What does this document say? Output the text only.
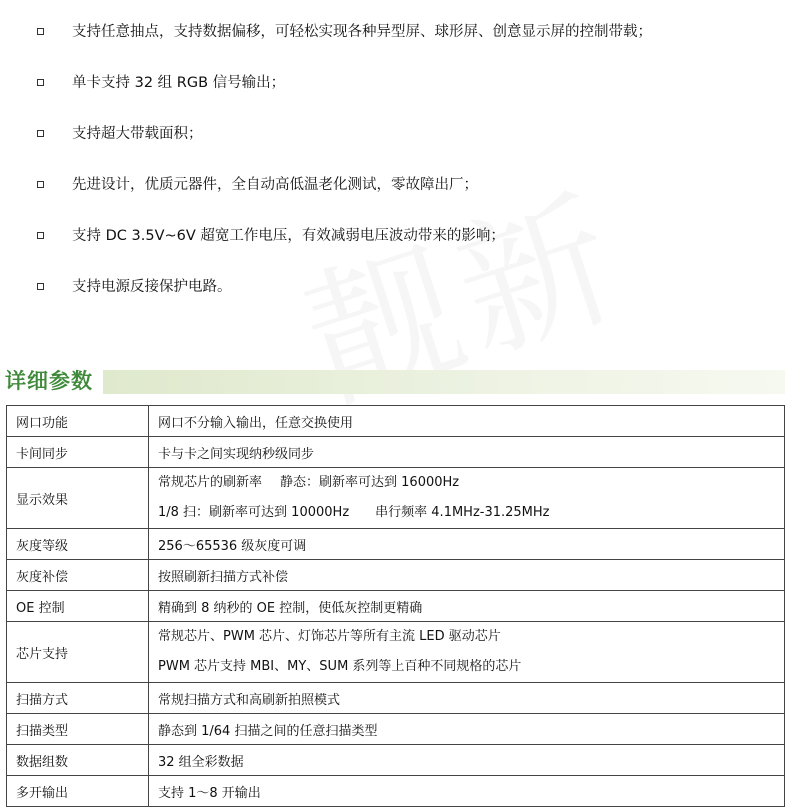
支持任意抽点，支持数据偏移，可轻松实现各种异型屏、球形屏、创意显示屏的控制带载；
单卡支持 32 组 RGB 信号输出；
支持超大带载面积；
先进设计，优质元器件，全自动高低温老化测试，零故障出厂；
支持 DC 3.5V~6V 超宽工作电压，有效减弱电压波动带来的影响；
支持电源反接保护电路。
详细参数
网口功能	网口不分输入输出，任意交换使用
卡间同步	卡与卡之间实现纳秒级同步
显示效果	常规芯片的刷新率 静态：刷新率可达到 16000Hz
1/8 扫：刷新率可达到 10000Hz 串行频率 4.1MHz-31.25MHz

灰度等级	256～65536 级灰度可调
灰度补偿	按照刷新扫描方式补偿
OE 控制	精确到 8 纳秒的 OE 控制，使低灰控制更精确
芯片支持	常规芯片、PWM 芯片、灯饰芯片等所有主流 LED 驱动芯片
PWM 芯片支持 MBI、MY、SUM 系列等上百种不同规格的芯片

扫描方式	常规扫描方式和高刷新拍照模式
扫描类型	静态到 1/64 扫描之间的任意扫描类型
数据组数	32 组全彩数据
多开输出	支持 1～8 开输出
